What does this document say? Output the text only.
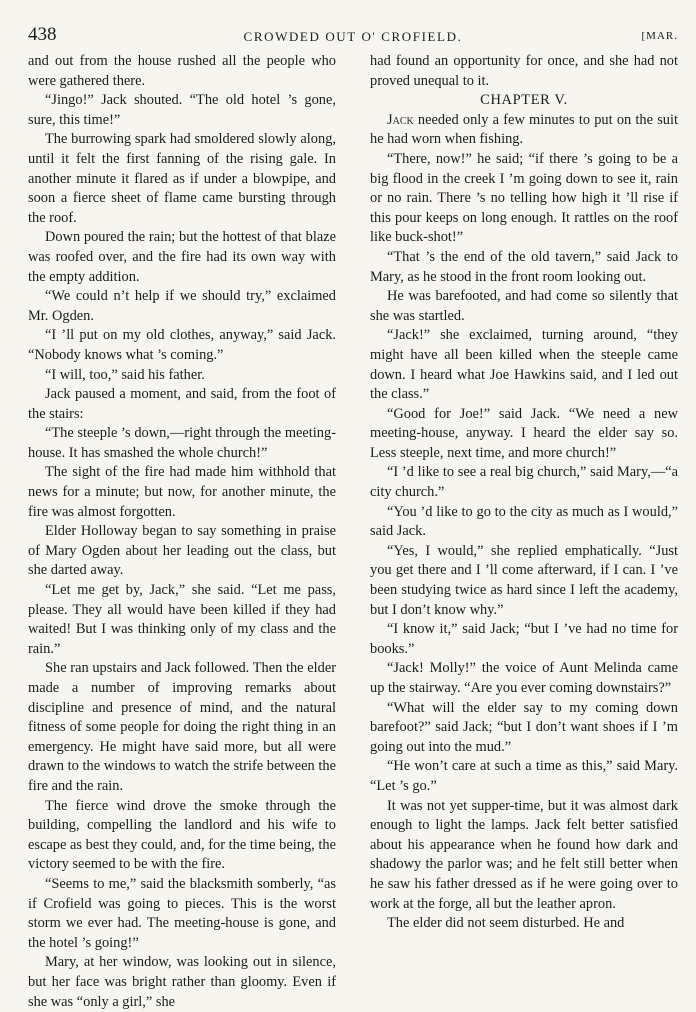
438	CROWDED OUT O' CROFIELD.	[MAR.

and out from the house rushed all the people who were gathered there.

“Jingo!” Jack shouted. “The old hotel ’s gone, sure, this time!”

The burrowing spark had smoldered slowly along, until it felt the first fanning of the rising gale. In another minute it flared as if under a blowpipe, and soon a fierce sheet of flame came bursting through the roof.

Down poured the rain; but the hottest of that blaze was roofed over, and the fire had its own way with the empty addition.

“We could n’t help if we should try,” exclaimed Mr. Ogden.

“I ’ll put on my old clothes, anyway,” said Jack. “Nobody knows what ’s coming.”

“I will, too,” said his father.

Jack paused a moment, and said, from the foot of the stairs:

“The steeple ’s down,—right through the meeting-house. It has smashed the whole church!”

The sight of the fire had made him withhold that news for a minute; but now, for another minute, the fire was almost forgotten.

Elder Holloway began to say something in praise of Mary Ogden about her leading out the class, but she darted away.

“Let me get by, Jack,” she said. “Let me pass, please. They all would have been killed if they had waited! But I was thinking only of my class and the rain.”

She ran upstairs and Jack followed. Then the elder made a number of improving remarks about discipline and presence of mind, and the natural fitness of some people for doing the right thing in an emergency. He might have said more, but all were drawn to the windows to watch the strife between the fire and the rain.

The fierce wind drove the smoke through the building, compelling the landlord and his wife to escape as best they could, and, for the time being, the victory seemed to be with the fire.

“Seems to me,” said the blacksmith somberly, “as if Crofield was going to pieces. This is the worst storm we ever had. The meeting-house is gone, and the hotel ’s going!”

Mary, at her window, was looking out in silence, but her face was bright rather than gloomy. Even if she was “only a girl,” she

had found an opportunity for once, and she had not proved unequal to it.

CHAPTER V.

Jack needed only a few minutes to put on the suit he had worn when fishing.

“There, now!” he said; “if there ’s going to be a big flood in the creek I ’m going down to see it, rain or no rain. There ’s no telling how high it ’ll rise if this pour keeps on long enough. It rattles on the roof like buck-shot!”

“That ’s the end of the old tavern,” said Jack to Mary, as he stood in the front room looking out.

He was barefooted, and had come so silently that she was startled.

“Jack!” she exclaimed, turning around, “they might have all been killed when the steeple came down. I heard what Joe Hawkins said, and I led out the class.”

“Good for Joe!” said Jack. “We need a new meeting-house, anyway. I heard the elder say so. Less steeple, next time, and more church!”

“I ’d like to see a real big church,” said Mary,—“a city church.”

“You ’d like to go to the city as much as I would,” said Jack.

“Yes, I would,” she replied emphatically. “Just you get there and I ’ll come afterward, if I can. I ’ve been studying twice as hard since I left the academy, but I don’t know why.”

“I know it,” said Jack; “but I ’ve had no time for books.”

“Jack! Molly!” the voice of Aunt Melinda came up the stairway. “Are you ever coming downstairs?”

“What will the elder say to my coming down barefoot?” said Jack; “but I don’t want shoes if I ’m going out into the mud.”

“He won’t care at such a time as this,” said Mary. “Let ’s go.”

It was not yet supper-time, but it was almost dark enough to light the lamps. Jack felt better satisfied about his appearance when he found how dark and shadowy the parlor was; and he felt still better when he saw his father dressed as if he were going over to work at the forge, all but the leather apron.

The elder did not seem disturbed. He and
